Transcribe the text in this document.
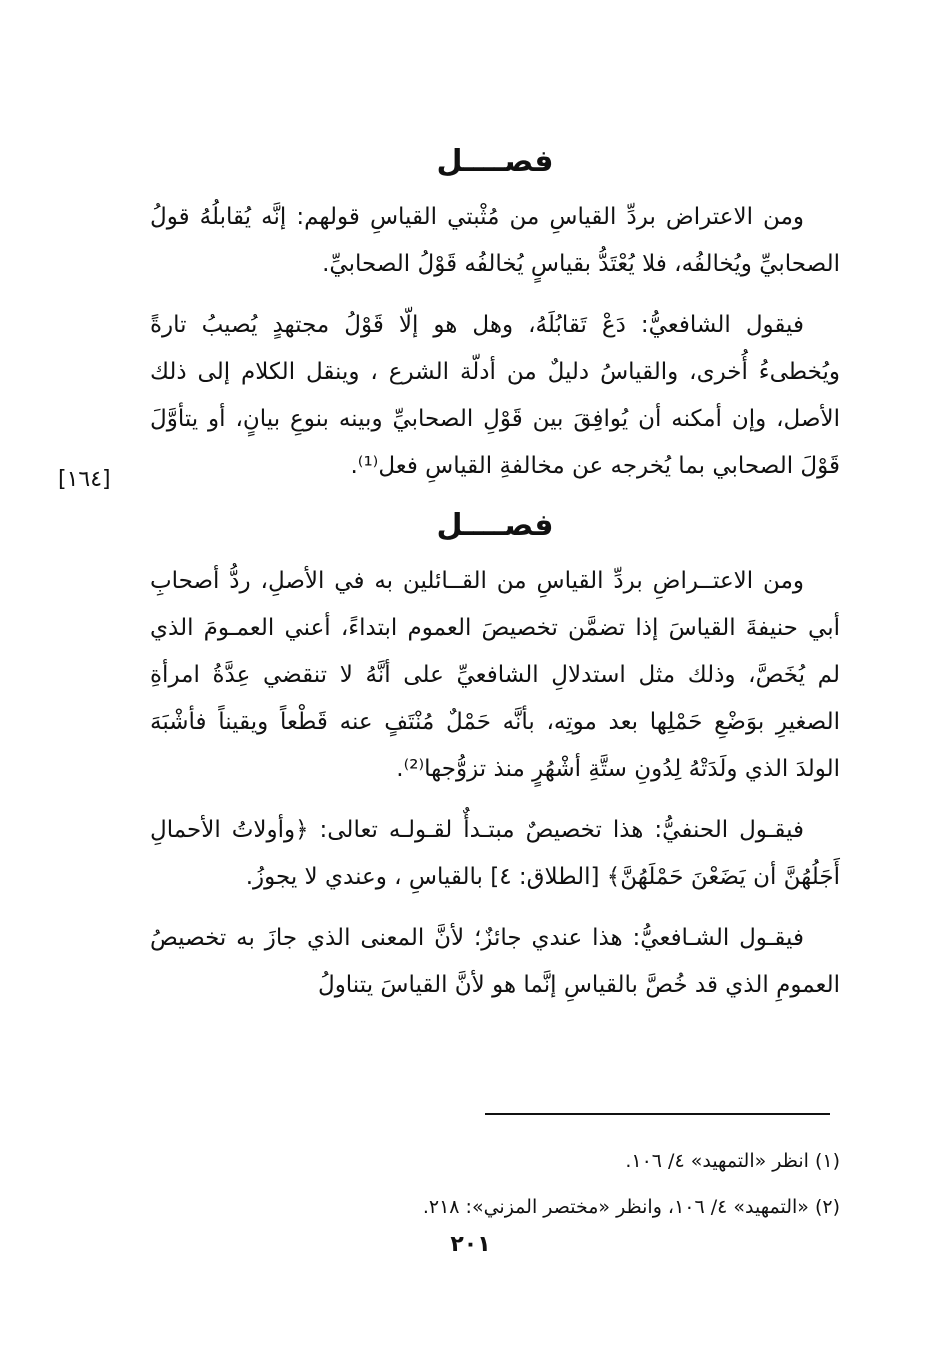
فصــــل

ومن الاعتراض بردِّ القياسِ من مُثْبتي القياسِ قولهم: إنَّه يُقابلُهُ قولُ الصحابيِّ ويُخالفُه، فلا يُعْتَدُّ بقياسٍ يُخالفُه قَوْلُ الصحابيِّ.

فيقول الشافعيُّ: دَعْ تَقابُلَهُ، وهل هو إلّا قَوْلُ مجتهدٍ يُصيبُ تارةً ويُخطىءُ أُخرى، والقياسُ دليلٌ من أدلّة الشرع ، وينقل الكلام إلى ذلك الأصل، وإن أمكنه أن يُوافِقَ بين قَوْلِ الصحابيِّ وبينه بنوعِ بيانٍ، أو يتأوَّلَ قَوْلَ الصحابي بما يُخرجه عن مخالفةِ القياسِ فعل⁽¹⁾.

فصــــل

ومن الاعتــراضِ بردِّ القياسِ من القــائلين به في الأصلِ، ردُّ أصحابِ أبي حنيفةَ القياسَ إذا تضمَّن تخصيصَ العموم ابتداءً، أعني العمـومَ الذي لم يُخَصَّ، وذلك مثل استدلالِ الشافعيِّ على أنَّهُ لا تنقضي عِدَّةُ امرأةِ الصغيرِ بوَضْعِ حَمْلِها بعد موتِه، بأنَّه حَمْلٌ مُنْتَفٍ عنه قَطْعاً ويقيناً فأشْبَهَ الولدَ الذي ولَدَتْهُ لِدُونِ ستَّةِ أشْهُرٍ منذ تزوُّجها⁽²⁾.

فيقـول الحنفيُّ: هذا تخصيصٌ مبتـدأٌ لقـولـه تعالى: ﴿وأولاتُ الأحمالِ أَجَلُهُنَّ أن يَضَعْنَ حَمْلَهُنَّ﴾ [الطلاق: ٤] بالقياسِ ، وعندي لا يجوزُ.

فيقـول الشـافعيُّ: هذا عندي جائزٌ؛ لأنَّ المعنى الذي جازَ به تخصيصُ العمومِ الذي قد خُصَّ بالقياسِ إنَّما هو لأنَّ القياسَ يتناولُ

[١٦٤]

(١) انظر «التمهيد» ٤/ ١٠٦.

(٢) «التمهيد» ٤/ ١٠٦، وانظر «مختصر المزني»: ٢١٨.

٢٠١
